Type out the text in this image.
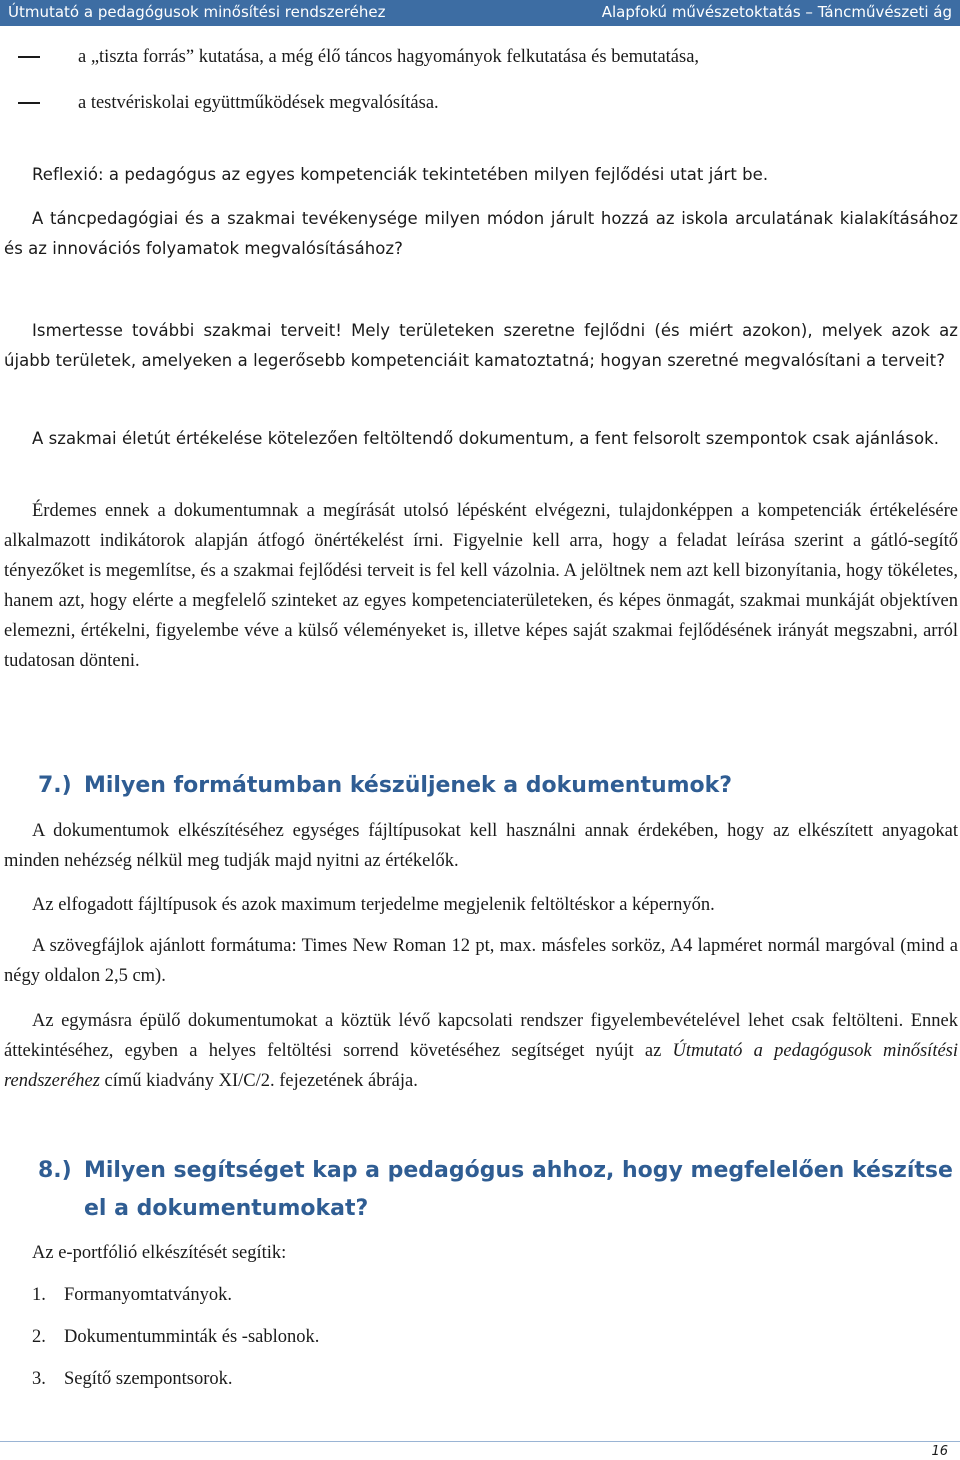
Útmutató a pedagógusok minősítési rendszeréhez	Alapfokú művészetoktatás – Táncművészeti ág
a „tiszta forrás” kutatása, a még élő táncos hagyományok felkutatása és bemutatása,
a testvériskolai együttműködések megvalósítása.

Reflexió: a pedagógus az egyes kompetenciák tekintetében milyen fejlődési utat járt be.

A táncpedagógiai és a szakmai tevékenysége milyen módon járult hozzá az iskola arculatának kialakításához és az innovációs folyamatok megvalósításához?

Ismertesse további szakmai terveit! Mely területeken szeretne fejlődni (és miért azokon), melyek azok az újabb területek, amelyeken a legerősebb kompetenciáit kamatoztatná; hogyan szeretné megvalósítani a terveit?

A szakmai életút értékelése kötelezően feltöltendő dokumentum, a fent felsorolt szempontok csak ajánlások.

Érdemes ennek a dokumentumnak a megírását utolsó lépésként elvégezni, tulajdonképpen a kompetenciák értékelésére alkalmazott indikátorok alapján átfogó önértékelést írni. Figyelnie kell arra, hogy a feladat leírása szerint a gátló-segítő tényezőket is megemlítse, és a szakmai fejlődési terveit is fel kell vázolnia. A jelöltnek nem azt kell bizonyítania, hogy tökéletes, hanem azt, hogy elérte a megfelelő szinteket az egyes kompetenciaterületeken, és képes önmagát, szakmai munkáját objektíven elemezni, értékelni, figyelembe véve a külső véleményeket is, illetve képes saját szakmai fejlődésének irányát megszabni, arról tudatosan dönteni.

7.) Milyen formátumban készüljenek a dokumentumok?

A dokumentumok elkészítéséhez egységes fájltípusokat kell használni annak érdekében, hogy az elkészített anyagokat minden nehézség nélkül meg tudják majd nyitni az értékelők.

Az elfogadott fájltípusok és azok maximum terjedelme megjelenik feltöltéskor a képernyőn.

A szövegfájlok ajánlott formátuma: Times New Roman 12 pt, max. másfeles sorköz, A4 lapméret normál margóval (mind a négy oldalon 2,5 cm).

Az egymásra épülő dokumentumokat a köztük lévő kapcsolati rendszer figyelembevételével lehet csak feltölteni. Ennek áttekintéséhez, egyben a helyes feltöltési sorrend követéséhez segítséget nyújt az Útmutató a pedagógusok minősítési rendszeréhez című kiadvány XI/C/2. fejezetének ábrája.

8.) Milyen segítséget kap a pedagógus ahhoz, hogy megfelelően készítse el a dokumentumokat?

Az e-portfólió elkészítését segítik:

1. Formanyomtatványok.
2. Dokumentumminták és -sablonok.
3. Segítő szempontsorok.
16
